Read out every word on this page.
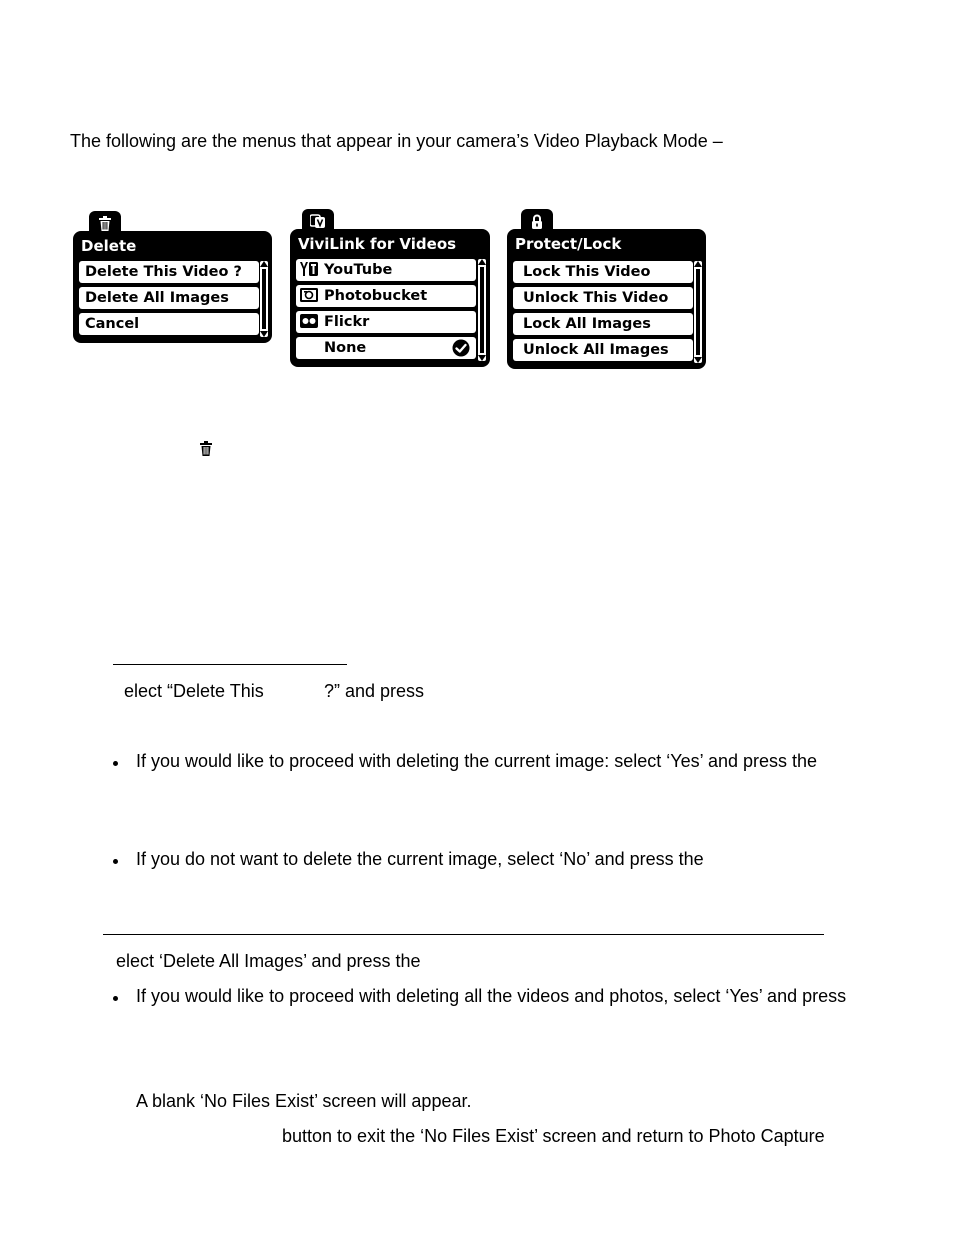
The following are the menus that appear in your camera’s Video Playback Mode –
Delete
Delete This Video ?
Delete All Images
Cancel
ViviLink for Videos
YouTube
Photobucket
Flickr
None
Protect/Lock
Lock This Video
Unlock This Video
Lock All Images
Unlock All Images
elect “Delete This	?” and press
If you would like to proceed with deleting the current image: select ‘Yes’ and press the
If you do not want to delete the current image, select ‘No’ and press the
elect ‘Delete All Images’ and press the
If you would like to proceed with deleting all the videos and photos, select ‘Yes’ and press
A blank ‘No Files Exist’ screen will appear.
button to exit the ‘No Files Exist’ screen and return to Photo Capture
